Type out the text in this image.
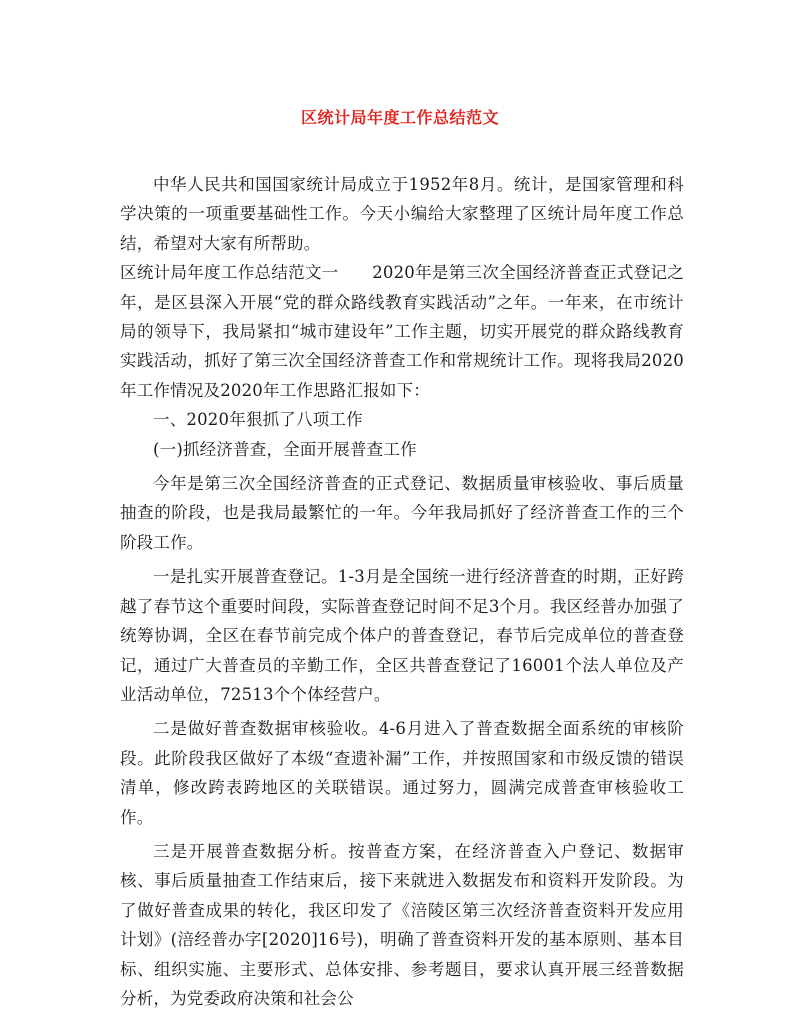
区统计局年度工作总结范文

中华人民共和国国家统计局成立于1952年8月。统计，是国家管理和科学决策的一项重要基础性工作。今天小编给大家整理了区统计局年度工作总结，希望对大家有所帮助。

区统计局年度工作总结范文一　　2020年是第三次全国经济普查正式登记之年，是区县深入开展“党的群众路线教育实践活动”之年。一年来，在市统计局的领导下，我局紧扣“城市建设年”工作主题，切实开展党的群众路线教育实践活动，抓好了第三次全国经济普查工作和常规统计工作。现将我局2020年工作情况及2020年工作思路汇报如下：

一、2020年狠抓了八项工作

(一)抓经济普查，全面开展普查工作

今年是第三次全国经济普查的正式登记、数据质量审核验收、事后质量抽查的阶段，也是我局最繁忙的一年。今年我局抓好了经济普查工作的三个阶段工作。

一是扎实开展普查登记。1-3月是全国统一进行经济普查的时期，正好跨越了春节这个重要时间段，实际普查登记时间不足3个月。我区经普办加强了统筹协调，全区在春节前完成个体户的普查登记，春节后完成单位的普查登记，通过广大普查员的辛勤工作，全区共普查登记了16001个法人单位及产业活动单位，72513个个体经营户。

二是做好普查数据审核验收。4-6月进入了普查数据全面系统的审核阶段。此阶段我区做好了本级“查遗补漏”工作，并按照国家和市级反馈的错误清单，修改跨表跨地区的关联错误。通过努力，圆满完成普查审核验收工作。

三是开展普查数据分析。按普查方案，在经济普查入户登记、数据审核、事后质量抽查工作结束后，接下来就进入数据发布和资料开发阶段。为了做好普查成果的转化，我区印发了《涪陵区第三次经济普查资料开发应用计划》(涪经普办字[2020]16号)，明确了普查资料开发的基本原则、基本目标、组织实施、主要形式、总体安排、参考题目，要求认真开展三经普数据分析，为党委政府决策和社会公
